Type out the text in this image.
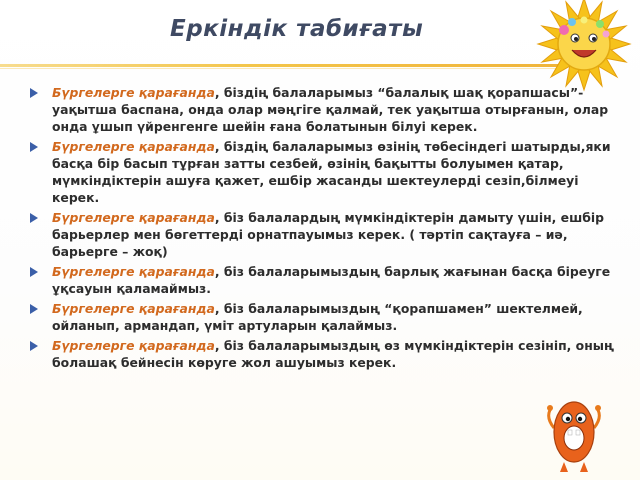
Еркіндік табиғаты
Бүргелерге қарағанда, біздің балаларымыз “балалық шақ қорапшасы”- уақытша баспана, онда олар мәңгіге қалмай, тек уақытша отырғанын, олар онда ұшып үйренгенге шейін ғана болатынын білуі керек.
Бүргелерге қарағанда, біздің балаларымыз өзінің төбесіндегі шатырды,яки басқа бір басып тұрған затты сезбей, өзінің бақытты болуымен қатар, мүмкіндіктерін ашуға қажет, ешбір жасанды шектеулерді сезіп,білмеуі керек.
Бүргелерге қарағанда, біз балалардың мүмкіндіктерін дамыту үшін, ешбір барьерлер мен бөгеттерді орнатпауымыз керек. ( тәртіп сақтауға – иә, барьерге – жоқ)
Бүргелерге қарағанда, біз балаларымыздың барлық жағынан басқа біреуге ұқсауын қаламаймыз.
Бүргелерге қарағанда, біз балаларымыздың “қорапшамен” шектелмей, ойланып, армандап, үміт артуларын қалаймыз.
Бүргелерге қарағанда, біз балаларымыздың өз мүмкіндіктерін сезініп, оның болашақ бейнесін көруге жол ашуымыз керек.
